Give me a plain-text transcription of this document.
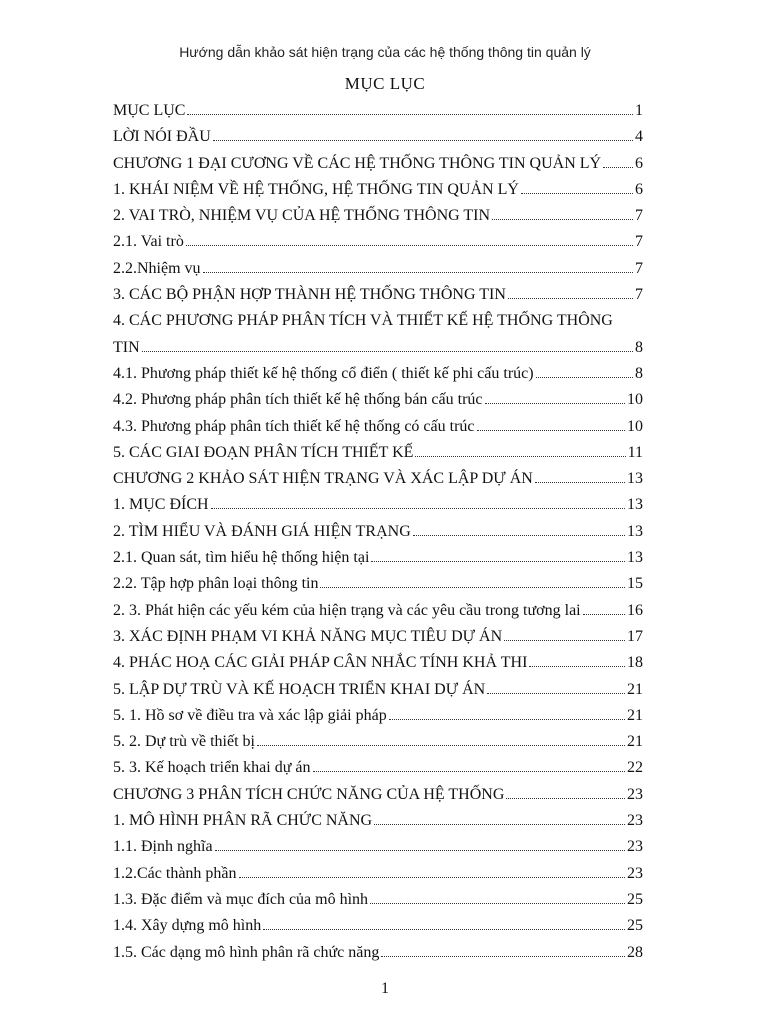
Hướng dẫn khảo sát hiện trạng của các hệ thống thông tin quản lý
MỤC LỤC
MỤC LỤC	1
LỜI NÓI ĐẦU	4
CHƯƠNG 1 ĐẠI CƯƠNG VỀ CÁC HỆ THỐNG THÔNG TIN QUẢN LÝ 6
1. KHÁI NIỆM VỀ HỆ THỐNG, HỆ THỐNG TIN QUẢN LÝ	6
2. VAI TRÒ, NHIỆM VỤ CỦA HỆ THỐNG THÔNG TIN	7
2.1. Vai trò	7
2.2.Nhiệm vụ	7
3. CÁC BỘ PHẬN HỢP THÀNH HỆ THỐNG THÔNG TIN	7
4. CÁC PHƯƠNG PHÁP PHÂN TÍCH VÀ THIẾT KẾ HỆ THỐNG THÔNG
TIN	8
4.1. Phương pháp thiết kế hệ thống cổ điển ( thiết kế phi cấu trúc)	8
4.2. Phương pháp phân tích thiết kế hệ thống bán cấu trúc	10
4.3. Phương pháp phân tích thiết kế hệ thống có cấu trúc	10
5. CÁC GIAI ĐOẠN PHÂN TÍCH THIẾT KẾ	11
CHƯƠNG 2 KHẢO SÁT HIỆN TRẠNG VÀ XÁC LẬP DỰ ÁN	13
1. MỤC ĐÍCH	13
2. TÌM HIỂU VÀ ĐÁNH GIÁ HIỆN TRẠNG	13
2.1. Quan sát, tìm hiểu hệ thống hiện tại	13
2.2. Tập hợp phân loại thông tin	15
2. 3. Phát hiện các yếu kém của hiện trạng và các yêu cầu trong tương lai	16
3. XÁC ĐỊNH PHẠM VI KHẢ NĂNG MỤC TIÊU DỰ ÁN	17
4. PHÁC HOẠ CÁC GIẢI PHÁP CÂN NHẮC TÍNH KHẢ THI	18
5. LẬP DỰ TRÙ VÀ KẾ HOẠCH TRIỂN KHAI DỰ ÁN	21
5. 1. Hồ sơ về điều tra và xác lập giải pháp	21
5. 2. Dự trù về thiết bị	21
5. 3. Kế hoạch triển khai dự án	22
CHƯƠNG 3 PHÂN TÍCH CHỨC NĂNG CỦA HỆ THỐNG	23
1. MÔ HÌNH PHÂN RÃ CHỨC NĂNG	23
1.1. Định nghĩa	23
1.2.Các thành phần	23
1.3. Đặc điểm và mục đích của mô hình	25
1.4. Xây dựng mô hình	25
1.5. Các dạng mô hình phân rã chức năng	28
1
